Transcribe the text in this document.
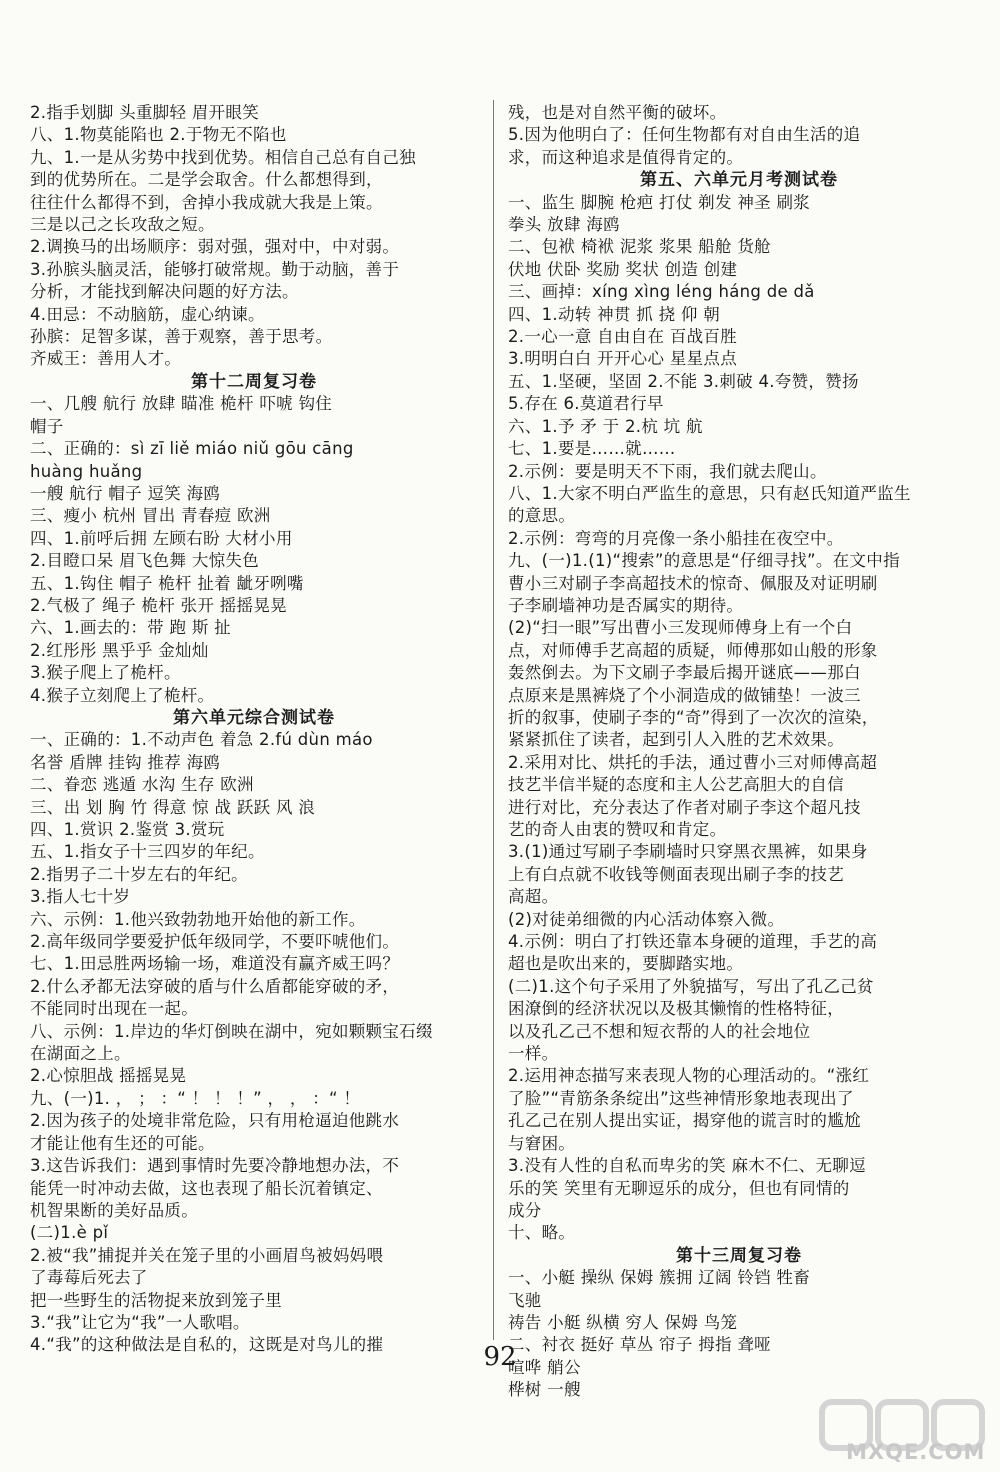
2.指手划脚 头重脚轻 眉开眼笑
八、1.物莫能陷也 2.于物无不陷也
九、1.一是从劣势中找到优势。相信自己总有自己独
到的优势所在。二是学会取舍。什么都想得到，
往往什么都得不到，舍掉小我成就大我是上策。
三是以己之长攻敌之短。
2.调换马的出场顺序：弱对强，强对中，中对弱。
3.孙膑头脑灵活，能够打破常规。勤于动脑，善于
分析，才能找到解决问题的好方法。
4.田忌：不动脑筋，虚心纳谏。
孙膑：足智多谋，善于观察，善于思考。
齐威王：善用人才。
第十二周复习卷
一、几艘 航行 放肆 瞄准 桅杆 吓唬 钩住
帽子
二、正确的：sì zī liě miáo niǔ gōu cāng
huàng huǎng
一艘 航行 帽子 逗笑 海鸥
三、瘦小 杭州 冒出 青春痘 欧洲
四、1.前呼后拥 左顾右盼 大材小用
2.目瞪口呆 眉飞色舞 大惊失色
五、1.钩住 帽子 桅杆 扯着 龇牙咧嘴
2.气极了 绳子 桅杆 张开 摇摇晃晃
六、1.画去的：带 跑 斯 扯
2.红彤彤 黑乎乎 金灿灿
3.猴子爬上了桅杆。
4.猴子立刻爬上了桅杆。
第六单元综合测试卷
一、正确的：1.不动声色 着急 2.fú dùn máo
名誉 盾牌 挂钩 推荐 海鸥
二、眷恋 逃遁 水沟 生存 欧洲
三、出 划 胸 竹 得意 惊 战 跃跃 风 浪
四、1.赏识 2.鉴赏 3.赏玩
五、1.指女子十三四岁的年纪。
2.指男子二十岁左右的年纪。
3.指人七十岁
六、示例：1.他兴致勃勃地开始他的新工作。
2.高年级同学要爱护低年级同学，不要吓唬他们。
七、1.田忌胜两场输一场，难道没有赢齐威王吗？
2.什么矛都无法穿破的盾与什么盾都能穿破的矛，
不能同时出现在一起。
八、示例：1.岸边的华灯倒映在湖中，宛如颗颗宝石缀
在湖面之上。
2.心惊胆战 摇摇晃晃
九、(一)1. ， ； ：“ ！ ！ ！” ， ， ：“ ！
2.因为孩子的处境非常危险，只有用枪逼迫他跳水
才能让他有生还的可能。
3.这告诉我们：遇到事情时先要冷静地想办法，不
能凭一时冲动去做，这也表现了船长沉着镇定、
机智果断的美好品质。
(二)1.è pǐ
2.被“我”捕捉并关在笼子里的小画眉鸟被妈妈喂
了毒莓后死去了
把一些野生的活物捉来放到笼子里
3.“我”让它为“我”一人歌唱。
4.“我”的这种做法是自私的，这既是对鸟儿的摧
残，也是对自然平衡的破坏。
5.因为他明白了：任何生物都有对自由生活的追
求，而这种追求是值得肯定的。
第五、六单元月考测试卷
一、监生 脚腕 枪疤 打仗 剃发 神圣 刷浆
拳头 放肆 海鸥
二、包袱 椅袱 泥浆 浆果 船舱 货舱
伏地 伏卧 奖励 奖状 创造 创建
三、画掉：xíng xìng léng háng de dǎ
四、1.动转 神贯 抓 挠 仰 朝
2.一心一意 自由自在 百战百胜
3.明明白白 开开心心 星星点点
五、1.坚硬，坚固 2.不能 3.刺破 4.夸赞，赞扬
5.存在 6.莫道君行早
六、1.予 矛 于 2.杭 坑 航
七、1.要是……就……
2.示例：要是明天不下雨，我们就去爬山。
八、1.大家不明白严监生的意思，只有赵氏知道严监生
的意思。
2.示例：弯弯的月亮像一条小船挂在夜空中。
九、(一)1.(1)“搜索”的意思是“仔细寻找”。在文中指
曹小三对刷子李高超技术的惊奇、佩服及对证明刷
子李刷墙神功是否属实的期待。
(2)“扫一眼”写出曹小三发现师傅身上有一个白
点，对师傅手艺高超的质疑，师傅那如山般的形象
轰然倒去。为下文刷子李最后揭开谜底——那白
点原来是黑裤烧了个小洞造成的做铺垫！一波三
折的叙事，使刷子李的“奇”得到了一次次的渲染，
紧紧抓住了读者，起到引人入胜的艺术效果。
2.采用对比、烘托的手法，通过曹小三对师傅高超
技艺半信半疑的态度和主人公艺高胆大的自信
进行对比，充分表达了作者对刷子李这个超凡技
艺的奇人由衷的赞叹和肯定。
3.(1)通过写刷子李刷墙时只穿黑衣黑裤，如果身
上有白点就不收钱等侧面表现出刷子李的技艺
高超。
(2)对徒弟细微的内心活动体察入微。
4.示例：明白了打铁还靠本身硬的道理，手艺的高
超也是吹出来的，要脚踏实地。
(二)1.这个句子采用了外貌描写，写出了孔乙己贫
困潦倒的经济状况以及极其懒惰的性格特征，
以及孔乙己不想和短衣帮的人的社会地位
一样。
2.运用神态描写来表现人物的心理活动的。“涨红
了脸”“青筋条条绽出”这些神情形象地表现出了
孔乙己在别人提出实证，揭穿他的谎言时的尴尬
与窘困。
3.没有人性的自私而卑劣的笑 麻木不仁、无聊逗
乐的笑 笑里有无聊逗乐的成分，但也有同情的
成分
十、略。
第十三周复习卷
一、小艇 操纵 保姆 簇拥 辽阔 铃铛 牲畜
飞驰
祷告 小艇 纵横 穷人 保姆 鸟笼
二、衬衣 挺好 草丛 帘子 拇指 聋哑
喧哗 艄公
桦树 一艘
92
MXQE.COM
